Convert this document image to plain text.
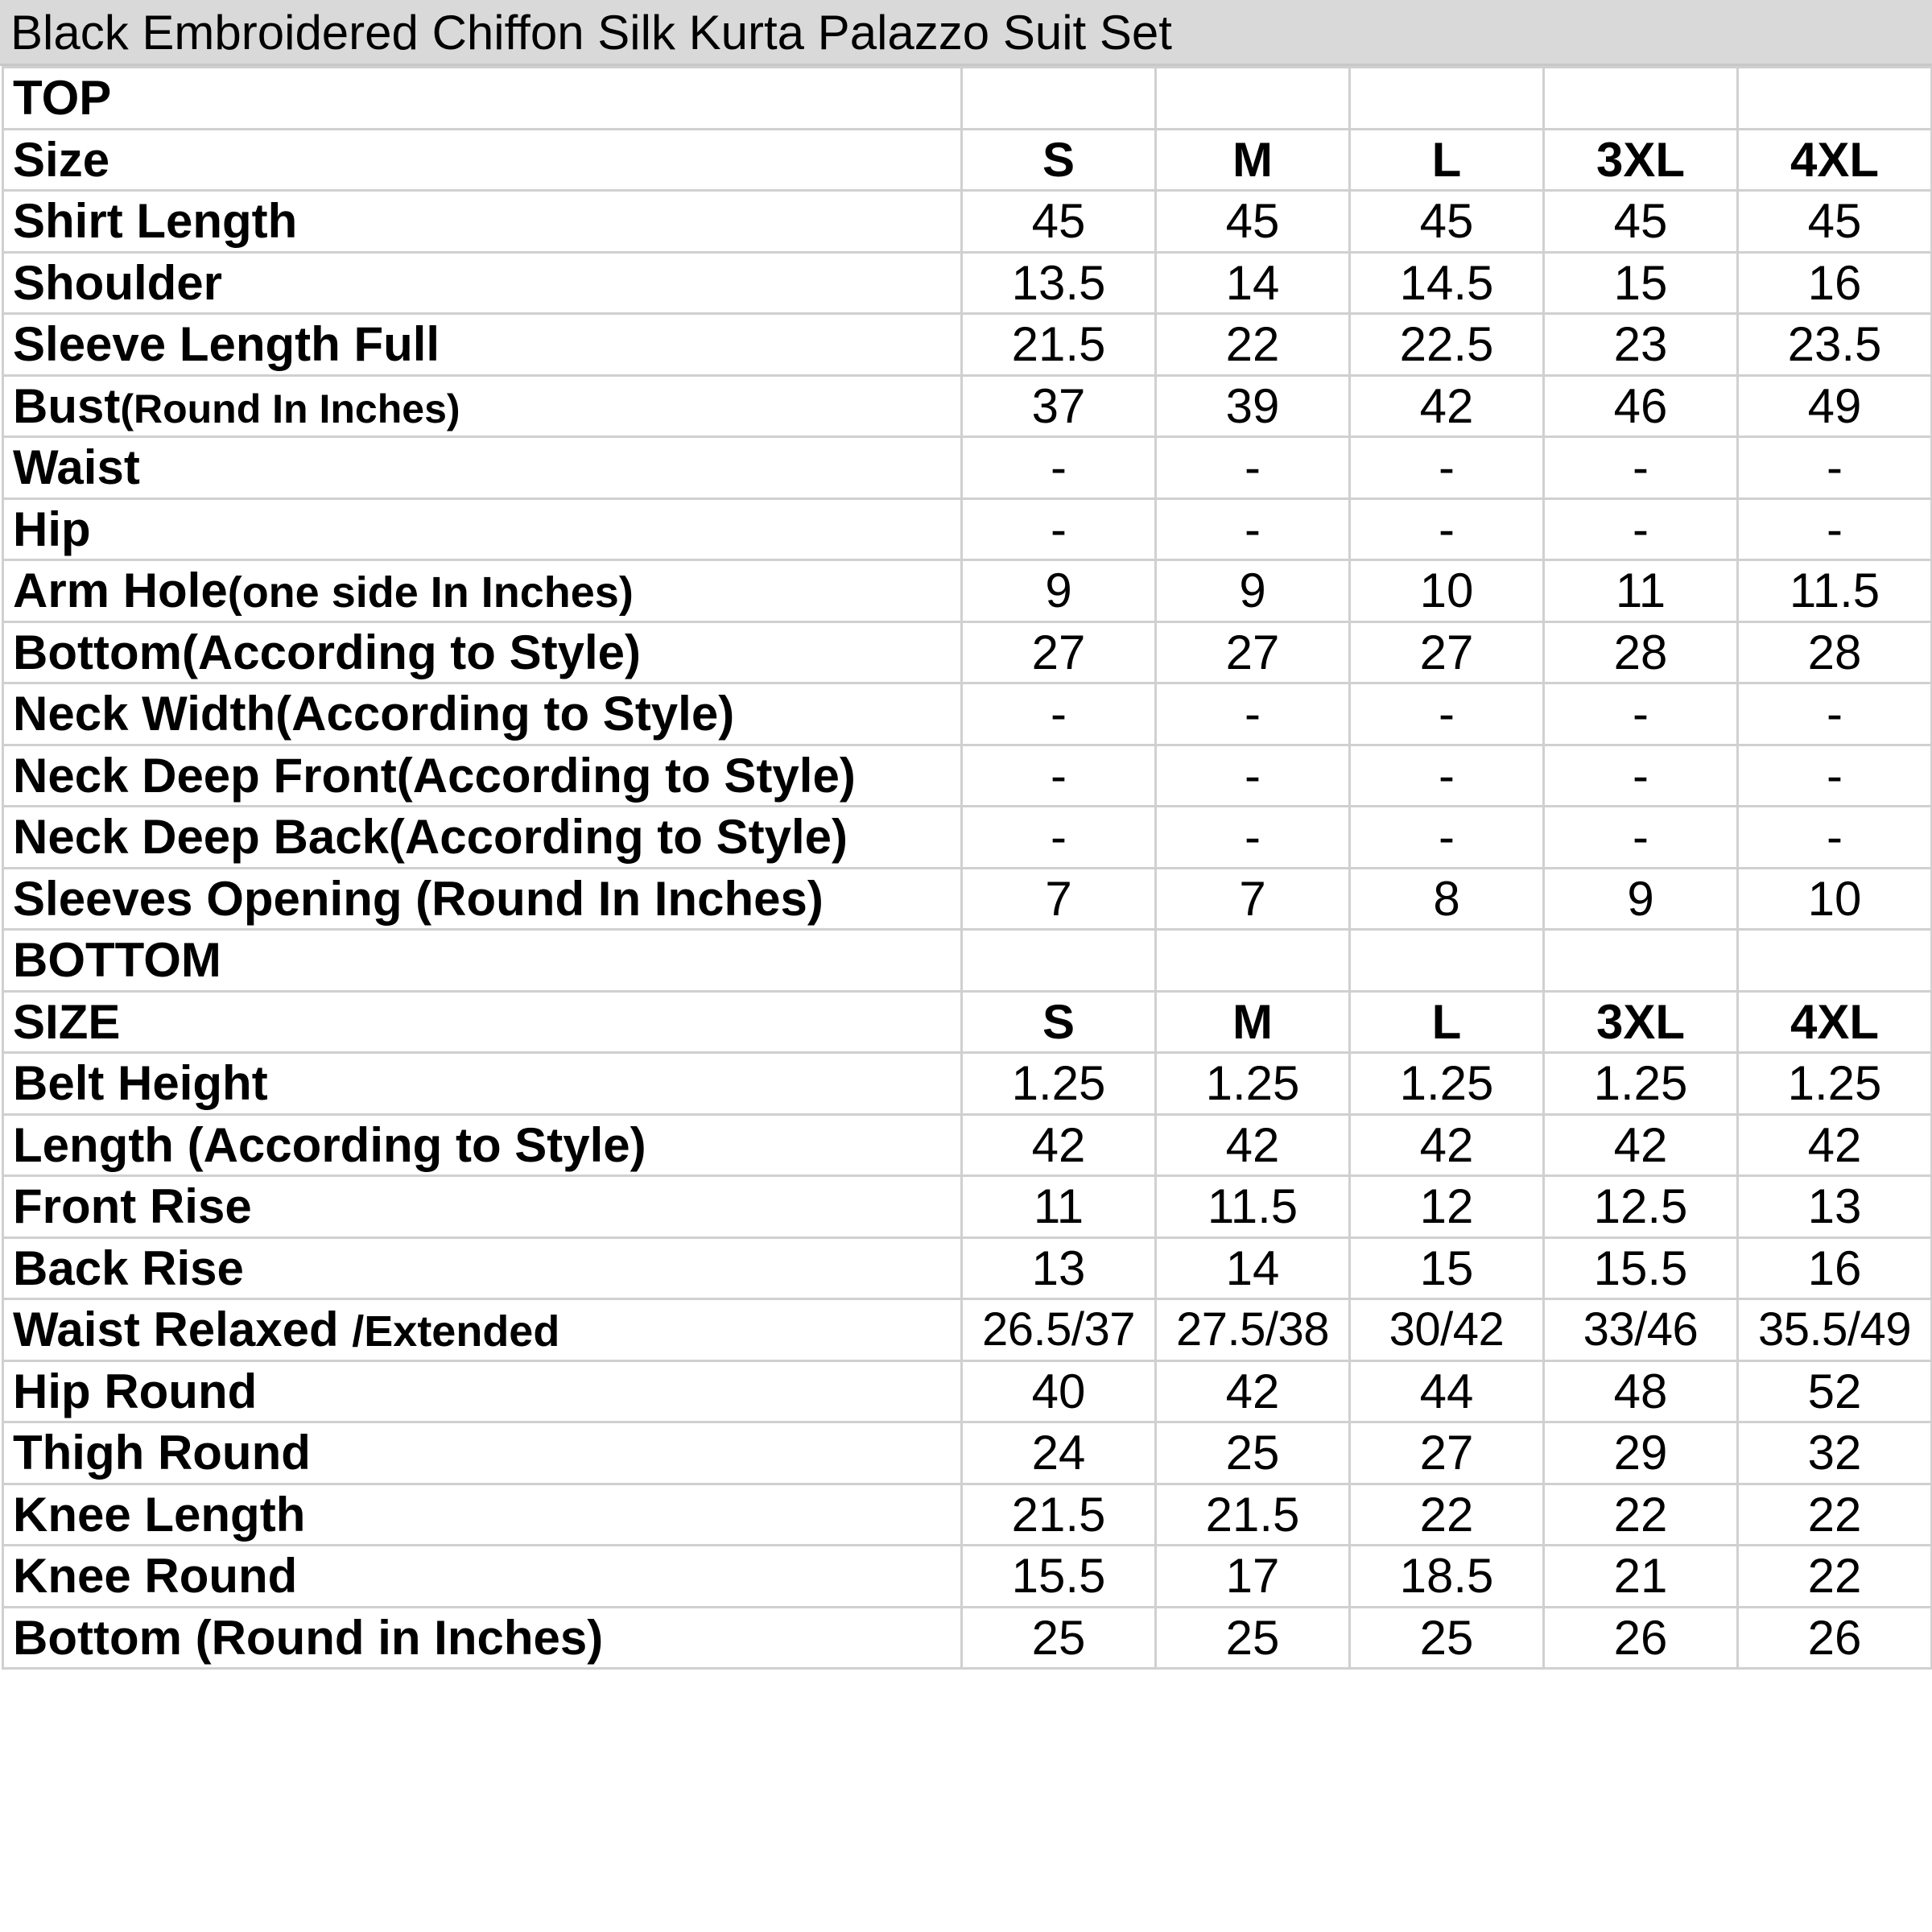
Black Embroidered Chiffon Silk Kurta Palazzo Suit Set
TOP					
Size	S	M	L	3XL	4XL
Shirt Length	45	45	45	45	45
Shoulder	13.5	14	14.5	15	16
Sleeve Length Full	21.5	22	22.5	23	23.5
Bust(Round In Inches)	37	39	42	46	49
Waist	-	-	-	-	-
Hip	-	-	-	-	-
Arm Hole(one side In Inches)	9	9	10	11	11.5
Bottom(According to Style)	27	27	27	28	28
Neck Width(According to Style)	-	-	-	-	-
Neck Deep Front(According to Style)	-	-	-	-	-
Neck Deep Back(According to Style)	-	-	-	-	-
Sleeves Opening (Round In Inches)	7	7	8	9	10
BOTTOM					
SIZE	S	M	L	3XL	4XL
Belt Height	1.25	1.25	1.25	1.25	1.25
Length (According to Style)	42	42	42	42	42
Front Rise	11	11.5	12	12.5	13
Back Rise	13	14	15	15.5	16
Waist Relaxed /Extended	26.5/37	27.5/38	30/42	33/46	35.5/49
Hip Round	40	42	44	48	52
Thigh Round	24	25	27	29	32
Knee Length	21.5	21.5	22	22	22
Knee Round	15.5	17	18.5	21	22
Bottom (Round in Inches)	25	25	25	26	26
